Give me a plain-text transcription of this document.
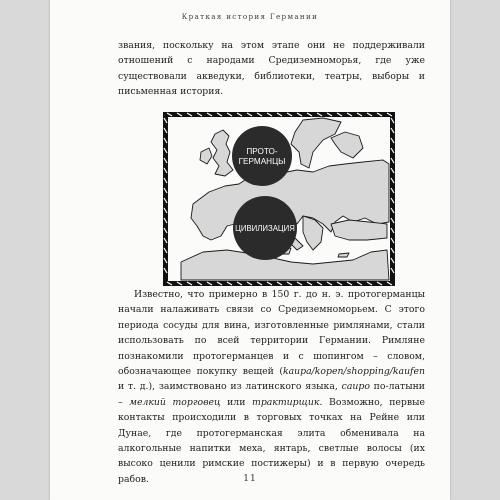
Краткая история Германии

звания, поскольку на этом этапе они не поддерживали отношений с народами Средиземноморья, где уже существовали акведуки, библиотеки, театры, выборы и письменная история.

ПРОТО-
ГЕРМАНЦЫ
ЦИВИЛИЗАЦИЯ

Известно, что примерно в 150 г. до н. э. протогерманцы начали налаживать связи со Средиземноморьем. С этого периода сосуды для вина, изготовленные римлянами, стали использовать по всей территории Германии. Римляне познакомили протогерманцев и с шопингом – словом, обозначающее покупку вещей (kaupa/kopen/shopping/kaufen и т. д.), заимствовано из латинского языка, caupo по-латыни – мелкий торговец или трактирщик. Возможно, первые контакты происходили в торговых точках на Рейне или Дунае, где протогерманская элита обменивала на алкогольные напитки меха, янтарь, светлые волосы (их высоко ценили римские постижеры) и в первую очередь рабов.	11
